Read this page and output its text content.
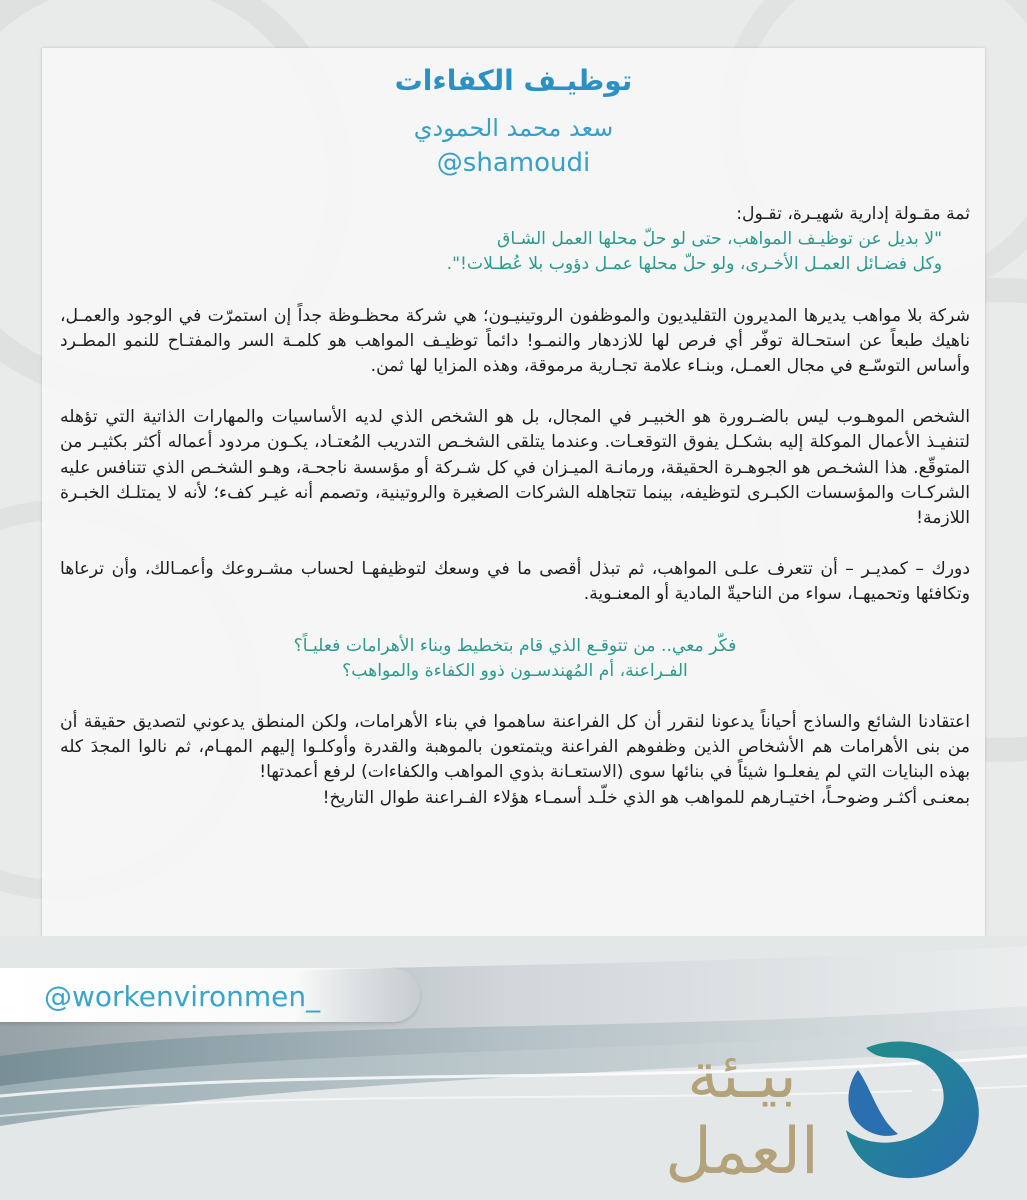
توظيـف الكفاءات
سعد محمد الحمودي
@shamoudi

ثمة مقـولة إدارية شهيـرة، تقـول:

"لا بديل عن توظيـف المواهب، حتى لو حلّ محلها العمل الشـاق

وكل فضـائل العمـل الأخـرى، ولو حلّ محلها عمـل دؤوب بلا عُطـلات!".

شركة بلا مواهب يديرها المديرون التقليديون والموظفون الروتينيـون؛ هي شركة محظـوظة جداً إن استمرّت في الوجود والعمـل، ناهيك طبعاً عن استحـالة توفّر أي فرص لها للازدهار والنمـو! دائماً توظيـف المواهب هو كلمـة السر والمفتـاح للنمو المطـرد وأساس التوسّـع في مجال العمـل، وبنـاء علامة تجـارية مرموقة، وهذه المزايا لها ثمن.

الشخص الموهـوب ليس بالضـرورة هو الخبيـر في المجال، بل هو الشخص الذي لديه الأساسيات والمهارات الذاتية التي تؤهله لتنفيـذ الأعمال الموكلة إليه بشكـل يفوق التوقعـات. وعندما يتلقى الشخـص التدريب المُعتـاد، يكـون مردود أعماله أكثر بكثيـر من المتوقّع. هذا الشخـص هو الجوهـرة الحقيقة، ورمانـة الميـزان في كل شـركة أو مؤسسة ناجحـة، وهـو الشخـص الذي تتنافس عليه الشركـات والمؤسسات الكبـرى لتوظيفه، بينما تتجاهله الشركات الصغيرة والروتينية، وتصمم أنه غيـر كفء؛ لأنه لا يمتلـك الخبـرة اللازمة!

دورك – كمديـر – أن تتعرف علـى المواهب، ثم تبذل أقصى ما في وسعك لتوظيفهـا لحساب مشـروعك وأعمـالك، وأن ترعاها وتكافئها وتحميهـا، سواء من الناحيةّ المادية أو المعنـوية.

فكّر معي.. من تتوقـع الذي قام بتخطيط وبناء الأهرامات فعليـاً؟

الفـراعنة، أم المُهندسـون ذوو الكفاءة والمواهب؟

اعتقادنا الشائع والساذج أحياناً يدعونا لنقرر أن كل الفراعنة ساهموا في بناء الأهرامات، ولكن المنطق يدعوني لتصديق حقيقة أن من بنى الأهرامات هم الأشخاص الذين وظفوهم الفراعنة ويتمتعون بالموهبة والقدرة وأوكلـوا إليهم المهـام، ثم نالوا المجدَ كله بهذه البنايات التي لم يفعلـوا شيئاً في بنائها سوى (الاستعـانة بذوي المواهب والكفاءات) لرفع أعمدتها!

بمعنـى أكثـر وضوحـاً، اختيـارهم للمواهب هو الذي خلّـد أسمـاء هؤلاء الفـراعنة طوال التاريخ!

@workenvironmen_
بيـئة
العمل
